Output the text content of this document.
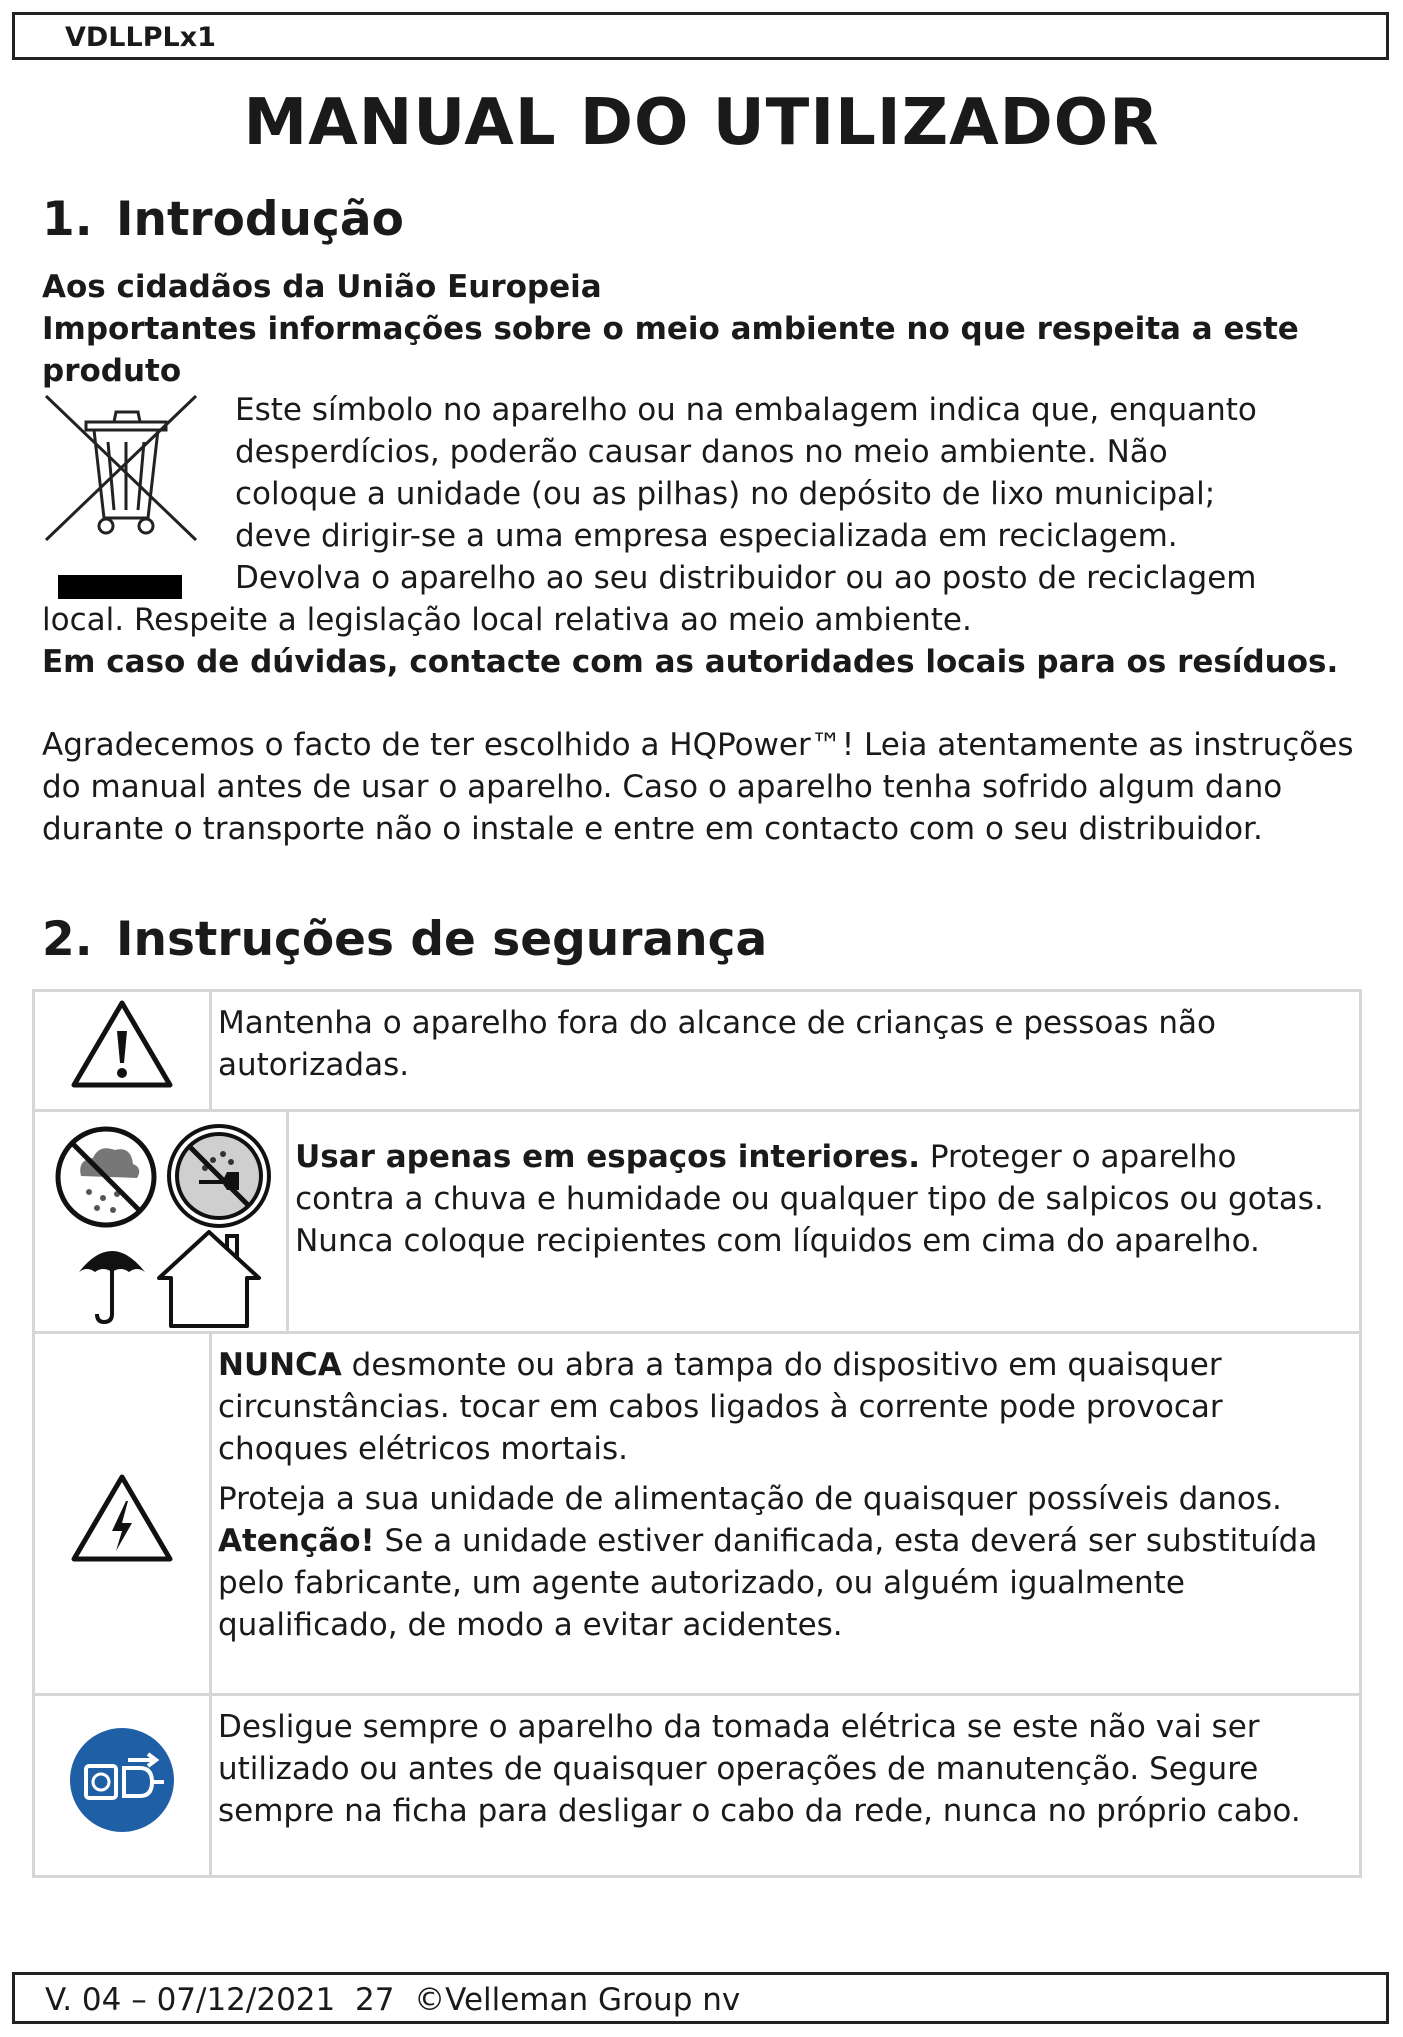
VDLLPLx1
MANUAL DO UTILIZADOR
1. Introdução
Aos cidadãos da União Europeia
Importantes informações sobre o meio ambiente no que respeita a este produto
Este símbolo no aparelho ou na embalagem indica que, enquanto
desperdícios, poderão causar danos no meio ambiente. Não
coloque a unidade (ou as pilhas) no depósito de lixo municipal;
deve dirigir-se a uma empresa especializada em reciclagem.
Devolva o aparelho ao seu distribuidor ou ao posto de reciclagem
local. Respeite a legislação local relativa ao meio ambiente.
Em caso de dúvidas, contacte com as autoridades locais para os resíduos.
Agradecemos o facto de ter escolhido a HQPower™! Leia atentamente as instruções do manual antes de usar o aparelho. Caso o aparelho tenha sofrido algum dano durante o transporte não o instale e entre em contacto com o seu distribuidor.
2. Instruções de segurança
	Mantenha o aparelho fora do alcance de crianças e pessoas não autorizadas.	

	Usar apenas em espaços interiores. Proteger o aparelho contra a chuva e humidade ou qualquer tipo de salpicos ou gotas. Nunca coloque recipientes com líquidos em cima do aparelho.

NUNCA desmonte ou abra a tampa do dispositivo em quaisquer circunstâncias. tocar em cabos ligados à corrente pode provocar choques elétricos mortais.

Proteja a sua unidade de alimentação de quaisquer possíveis danos.

Atenção! Se a unidade estiver danificada, esta deverá ser substituída pelo fabricante, um agente autorizado, ou alguém igualmente qualificado, de modo a evitar acidentes.	

	Desligue sempre o aparelho da tomada elétrica se este não vai ser utilizado ou antes de quaisquer operações de manutenção. Segure sempre na ficha para desligar o cabo da rede, nunca no próprio cabo.	
V. 04 – 07/12/2021 27 ©Velleman Group nv
